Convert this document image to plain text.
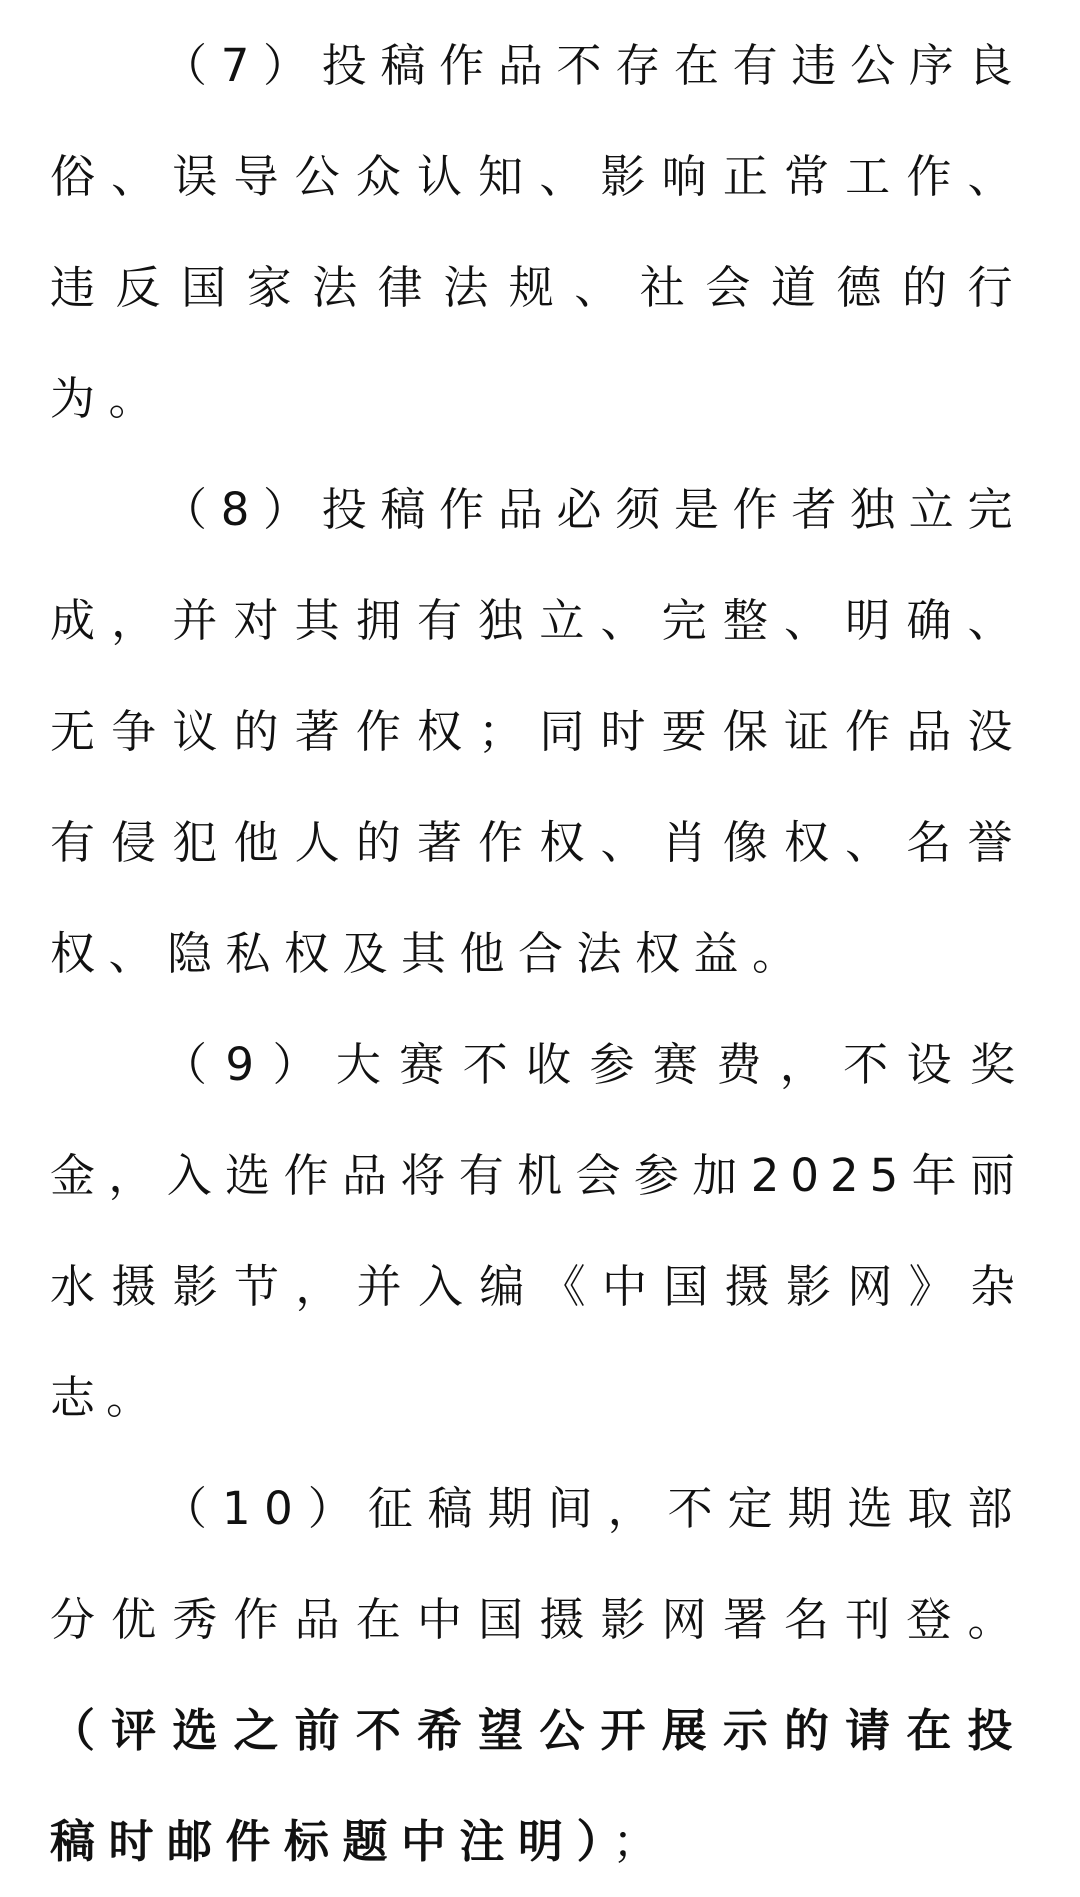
（7）投稿作品不存在有违公序良俗、误导公众认知、影响正常工作、违反国家法律法规、社会道德的行为。

（8）投稿作品必须是作者独立完成，并对其拥有独立、完整、明确、无争议的著作权；同时要保证作品没有侵犯他人的著作权、肖像权、名誉权、隐私权及其他合法权益。

（9）大赛不收参赛费，不设奖金，入选作品将有机会参加2025年丽水摄影节，并入编《中国摄影网》杂志。

（10）征稿期间，不定期选取部分优秀作品在中国摄影网署名刊登。（评选之前不希望公开展示的请在投稿时邮件标题中注明）；
